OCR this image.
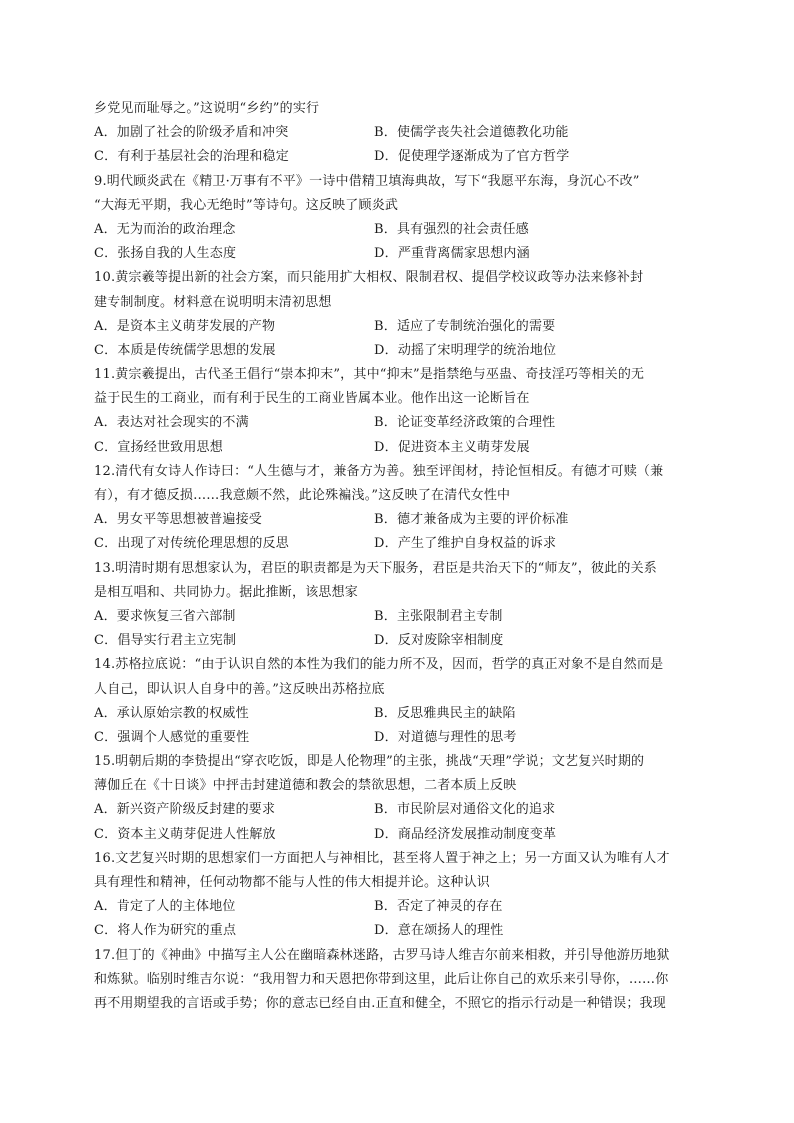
乡党见而耻辱之。”这说明“乡约”的实行
A．加剧了社会的阶级矛盾和冲突	B．使儒学丧失社会道德教化功能
C．有利于基层社会的治理和稳定	D．促使理学逐渐成为了官方哲学
9.明代顾炎武在《精卫·万事有不平》一诗中借精卫填海典故，写下“我愿平东海，身沉心不改”
“大海无平期，我心无绝时”等诗句。这反映了顾炎武
A．无为而治的政治理念	B．具有强烈的社会责任感
C．张扬自我的人生态度	D．严重背离儒家思想内涵
10.黄宗羲等提出新的社会方案，而只能用扩大相权、限制君权、提倡学校议政等办法来修补封
建专制制度。材料意在说明明末清初思想
A．是资本主义萌芽发展的产物	B．适应了专制统治强化的需要
C．本质是传统儒学思想的发展	D．动摇了宋明理学的统治地位
11.黄宗羲提出，古代圣王倡行“崇本抑末”，其中“抑末”是指禁绝与巫蛊、奇技淫巧等相关的无
益于民生的工商业，而有利于民生的工商业皆属本业。他作出这一论断旨在
A．表达对社会现实的不满	B．论证变革经济政策的合理性
C．宣扬经世致用思想	D．促进资本主义萌芽发展
12.清代有女诗人作诗曰：“人生德与才，兼备方为善。独至评闺材，持论恒相反。有德才可赎（兼
有），有才德反损……我意颇不然，此论殊褊浅。”这反映了在清代女性中
A．男女平等思想被普遍接受	B．德才兼备成为主要的评价标准
C．出现了对传统伦理思想的反思	D．产生了维护自身权益的诉求
13.明清时期有思想家认为，君臣的职责都是为天下服务，君臣是共治天下的“师友”，彼此的关系
是相互唱和、共同协力。据此推断，该思想家
A．要求恢复三省六部制	B．主张限制君主专制
C．倡导实行君主立宪制	D．反对废除宰相制度
14.苏格拉底说：“由于认识自然的本性为我们的能力所不及，因而，哲学的真正对象不是自然而是
人自己，即认识人自身中的善。”这反映出苏格拉底
A．承认原始宗教的权威性	B．反思雅典民主的缺陷
C．强调个人感觉的重要性	D．对道德与理性的思考
15.明朝后期的李贽提出“穿衣吃饭，即是人伦物理”的主张，挑战“天理”学说；文艺复兴时期的
薄伽丘在《十日谈》中抨击封建道德和教会的禁欲思想，二者本质上反映
A．新兴资产阶级反封建的要求	B．市民阶层对通俗文化的追求
C．资本主义萌芽促进人性解放	D．商品经济发展推动制度变革
16.文艺复兴时期的思想家们一方面把人与神相比，甚至将人置于神之上；另一方面又认为唯有人才
具有理性和精神，任何动物都不能与人性的伟大相提并论。这种认识
A．肯定了人的主体地位	B．否定了神灵的存在
C．将人作为研究的重点	D．意在颂扬人的理性
17.但丁的《神曲》中描写主人公在幽暗森林迷路，古罗马诗人维吉尔前来相救，并引导他游历地狱
和炼狱。临别时维吉尔说：“我用智力和天恩把你带到这里，此后让你自己的欢乐来引导你，……你
再不用期望我的言语或手势；你的意志已经自由.正直和健全，不照它的指示行动是一种错误；我现
